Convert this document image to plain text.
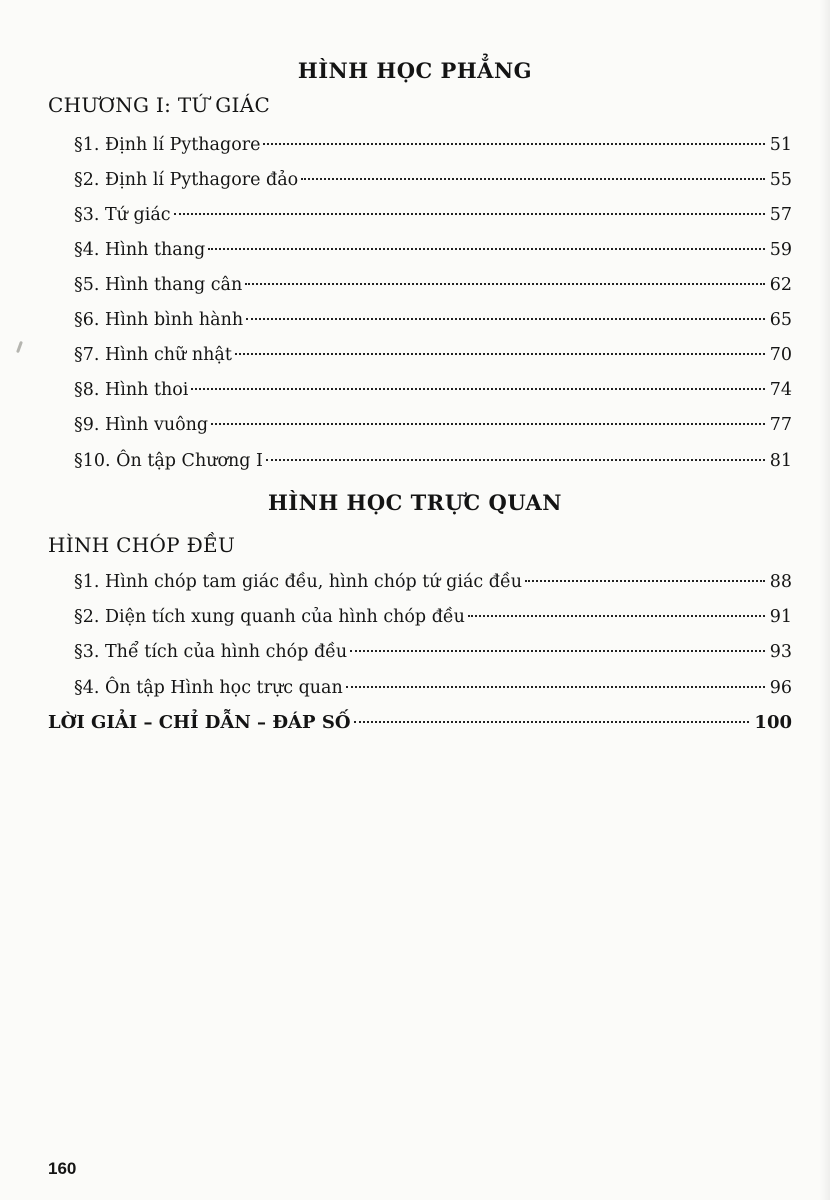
HÌNH HỌC PHẲNG
CHƯƠNG I: TỨ GIÁC
§1. Định lí Pythagore	51
§2. Định lí Pythagore đảo	55
§3. Tứ giác	57
§4. Hình thang	59
§5. Hình thang cân	62
§6. Hình bình hành	65
§7. Hình chữ nhật	70
§8. Hình thoi	74
§9. Hình vuông	77
§10. Ôn tập Chương I	81
HÌNH HỌC TRỰC QUAN
HÌNH CHÓP ĐỀU
§1. Hình chóp tam giác đều, hình chóp tứ giác đều	88
§2. Diện tích xung quanh của hình chóp đều	91
§3. Thể tích của hình chóp đều	93
§4. Ôn tập Hình học trực quan	96
LỜI GIẢI – CHỈ DẪN – ĐÁP SỐ	100
160
